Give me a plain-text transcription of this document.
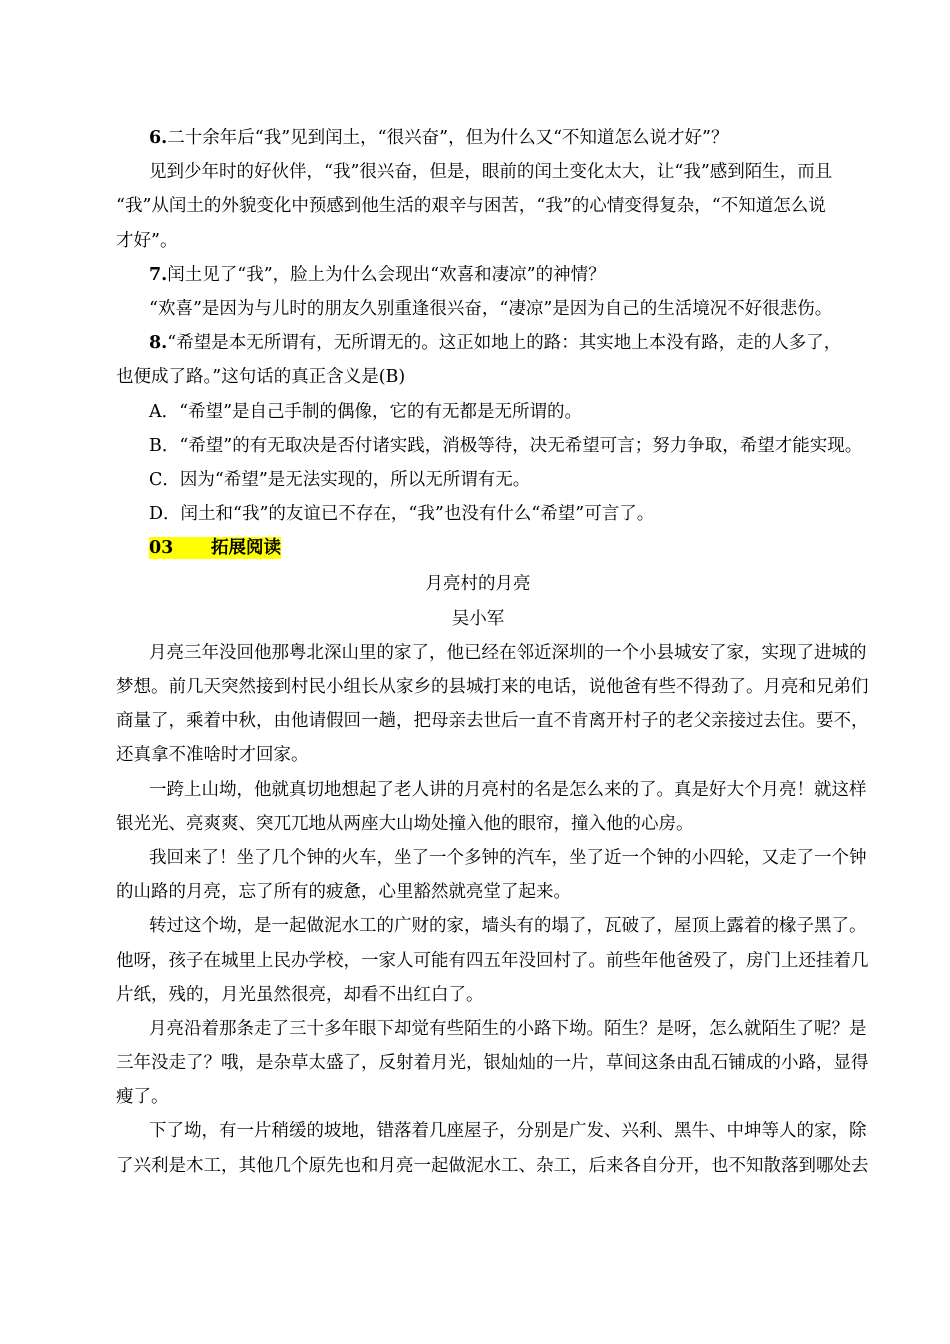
6.二十余年后“我”见到闰土，“很兴奋”，但为什么又“不知道怎么说才好”？
见到少年时的好伙伴，“我”很兴奋，但是，眼前的闰土变化太大，让“我”感到陌生，而且
“我”从闰土的外貌变化中预感到他生活的艰辛与困苦，“我”的心情变得复杂，“不知道怎么说
才好”。
7.闰土见了“我”，脸上为什么会现出“欢喜和凄凉”的神情？
“欢喜”是因为与儿时的朋友久别重逢很兴奋，“凄凉”是因为自己的生活境况不好很悲伤。
8.“希望是本无所谓有，无所谓无的。这正如地上的路：其实地上本没有路，走的人多了，
也便成了路。”这句话的真正含义是(B)
A．“希望”是自己手制的偶像，它的有无都是无所谓的。
B．“希望”的有无取决是否付诸实践，消极等待，决无希望可言；努力争取，希望才能实现。
C．因为“希望”是无法实现的，所以无所谓有无。
D．闰土和“我”的友谊已不存在，“我”也没有什么“希望”可言了。
03 拓展阅读
月亮村的月亮
吴小军
月亮三年没回他那粤北深山里的家了，他已经在邻近深圳的一个小县城安了家，实现了进城的
梦想。前几天突然接到村民小组长从家乡的县城打来的电话，说他爸有些不得劲了。月亮和兄弟们
商量了，乘着中秋，由他请假回一趟，把母亲去世后一直不肯离开村子的老父亲接过去住。要不，
还真拿不准啥时才回家。
一跨上山坳，他就真切地想起了老人讲的月亮村的名是怎么来的了。真是好大个月亮！就这样
银光光、亮爽爽、突兀兀地从两座大山坳处撞入他的眼帘，撞入他的心房。
我回来了！坐了几个钟的火车，坐了一个多钟的汽车，坐了近一个钟的小四轮，又走了一个钟
的山路的月亮，忘了所有的疲惫，心里豁然就亮堂了起来。
转过这个坳，是一起做泥水工的广财的家，墙头有的塌了，瓦破了，屋顶上露着的椽子黑了。
他呀，孩子在城里上民办学校，一家人可能有四五年没回村了。前些年他爸殁了，房门上还挂着几
片纸，残的，月光虽然很亮，却看不出红白了。
月亮沿着那条走了三十多年眼下却觉有些陌生的小路下坳。陌生？是呀，怎么就陌生了呢？是
三年没走了？哦，是杂草太盛了，反射着月光，银灿灿的一片，草间这条由乱石铺成的小路，显得
瘦了。
下了坳，有一片稍缓的坡地，错落着几座屋子，分别是广发、兴利、黑牛、中坤等人的家，除
了兴利是木工，其他几个原先也和月亮一起做泥水工、杂工，后来各自分开，也不知散落到哪处去
